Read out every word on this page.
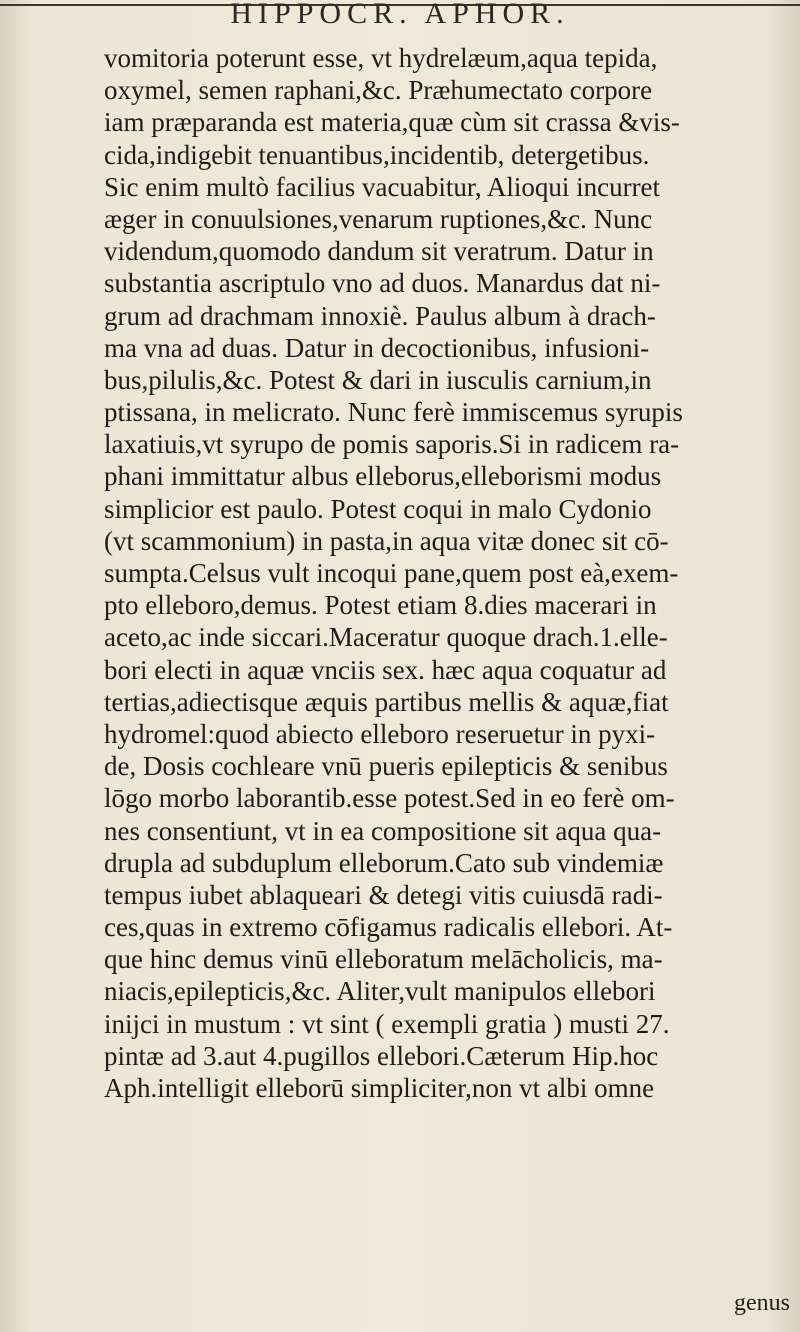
HIPPOCR. APHOR.
vomitoria poterunt esse, vt hydrelæum,aqua tepida,
oxymel, semen raphani,&c. Præhumectato corpore
iam præparanda est materia,quæ cùm sit crassa &vis-
cida,indigebit tenuantibus,incidentib, detergetibus.
Sic enim multò facilius vacuabitur, Alioqui incurret
æger in conuulsiones,venarum ruptiones,&c. Nunc
videndum,quomodo dandum sit veratrum. Datur in
substantia ascriptulo vno ad duos. Manardus dat ni-
grum ad drachmam innoxiè. Paulus album à drach-
ma vna ad duas. Datur in decoctionibus, infusioni-
bus,pilulis,&c. Potest & dari in iusculis carnium,in
ptissana, in melicrato. Nunc ferè immiscemus syrupis
laxatiuis,vt syrupo de pomis saporis.Si in radicem ra-
phani immittatur albus elleborus,elleborismi modus
simplicior est paulo. Potest coqui in malo Cydonio
(vt scammonium) in pasta,in aqua vitæ donec sit cō-
sumpta.Celsus vult incoqui pane,quem post eà,exem-
pto elleboro,demus. Potest etiam 8.dies macerari in
aceto,ac inde siccari.Maceratur quoque drach.1.elle-
bori electi in aquæ vnciis sex. hæc aqua coquatur ad
tertias,adiectisque æquis partibus mellis & aquæ,fiat
hydromel:quod abiecto elleboro reseruetur in pyxi-
de, Dosis cochleare vnū pueris epilepticis & senibus
lōgo morbo laborantib.esse potest.Sed in eo ferè om-
nes consentiunt, vt in ea compositione sit aqua qua-
drupla ad subduplum elleborum.Cato sub vindemiæ
tempus iubet ablaqueari & detegi vitis cuiusdā radi-
ces,quas in extremo cōfigamus radicalis ellebori. At-
que hinc demus vinū elleboratum melācholicis, ma-
niacis,epilepticis,&c. Aliter,vult manipulos ellebori
inijci in mustum : vt sint ( exempli gratia ) musti 27.
pintæ ad 3.aut 4.pugillos ellebori.Cæterum Hip.hoc
Aph.intelligit elleborū simpliciter,non vt albi omne
genus
